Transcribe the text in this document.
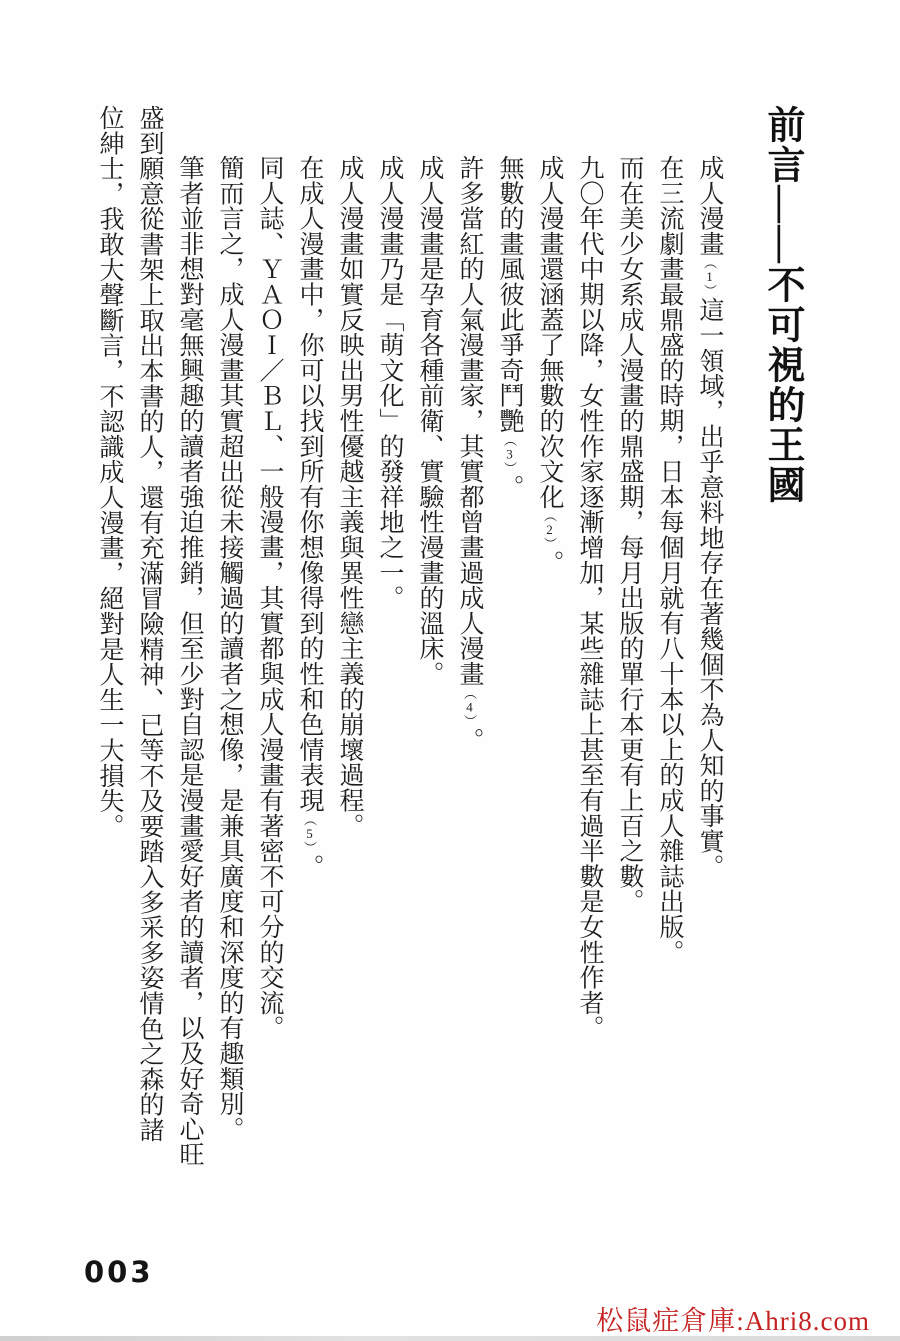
前言——不可視的王國

成人漫畫︵1︶這一領域，出乎意料地存在著幾個不為人知的事實。

在三流劇畫最鼎盛的時期，日本每個月就有八十本以上的成人雜誌出版。

而在美少女系成人漫畫的鼎盛期，每月出版的單行本更有上百之數。

九〇年代中期以降，女性作家逐漸增加，某些雜誌上甚至有過半數是女性作者。

成人漫畫還涵蓋了無數的次文化︵2︶。

無數的畫風彼此爭奇鬥艷︵3︶。

許多當紅的人氣漫畫家，其實都曾畫過成人漫畫︵4︶。

成人漫畫是孕育各種前衛、實驗性漫畫的溫床。

成人漫畫乃是「萌文化」的發祥地之一。

成人漫畫如實反映出男性優越主義與異性戀主義的崩壞過程。

在成人漫畫中，你可以找到所有你想像得到的性和色情表現︵5︶。

同人誌、ＹＡＯＩ／ＢＬ、一般漫畫，其實都與成人漫畫有著密不可分的交流。

簡而言之，成人漫畫其實超出從未接觸過的讀者之想像，是兼具廣度和深度的有趣類別。

筆者並非想對毫無興趣的讀者強迫推銷，但至少對自認是漫畫愛好者的讀者，以及好奇心旺盛到願意從書架上取出本書的人，還有充滿冒險精神、已等不及要踏入多采多姿情色之森的諸位紳士，我敢大聲斷言，不認識成人漫畫，絕對是人生一大損失。

003
松鼠症倉庫:Ahri8.com
